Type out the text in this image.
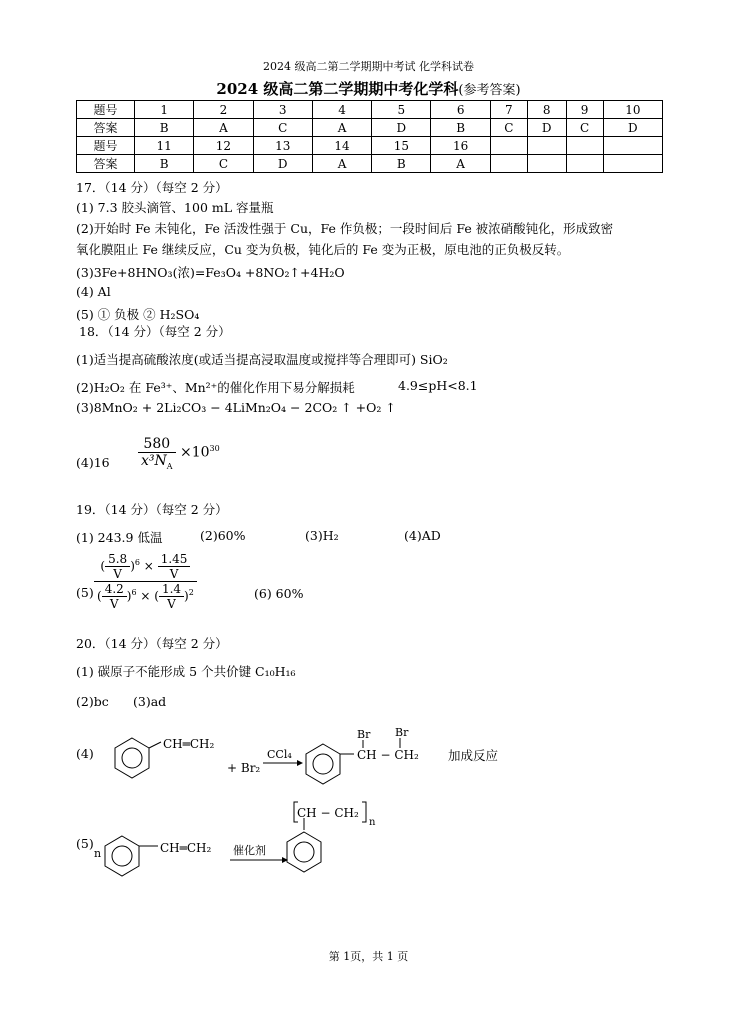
2024 级高二第二学期期中考试 化学科试卷
2024 级高二第二学期期中考化学科(参考答案)
题号	1	2	3	4	5	6	7	8	9	10
答案	B	A	C	A	D	B	C	D	C	D
题号	11	12	13	14	15	16				
答案	B	C	D	A	B	A				
17．（14 分）（每空 2 分）
(1) 7.3 胶头滴管、100 mL 容量瓶
(2)开始时 Fe 未钝化，Fe 活泼性强于 Cu，Fe 作负极；一段时间后 Fe 被浓硝酸钝化，形成致密
氧化膜阻止 Fe 继续反应，Cu 变为负极，钝化后的 Fe 变为正极，原电池的正负极反转。
(3)3Fe+8HNO₃(浓)=Fe₃O₄ +8NO₂↑+4H₂O
(4) Al
(5) ① 负极 ② H₂SO₄
18．（14 分）（每空 2 分）
(1)适当提高硫酸浓度(或适当提高浸取温度或搅拌等合理即可) SiO₂
(2)H₂O₂ 在 Fe³⁺、Mn²⁺的催化作用下易分解损耗	4.9≤pH<8.1
(3)8MnO₂ + 2Li₂CO₃ − 4LiMn₂O₄ − 2CO₂ ↑ +O₂ ↑
$(4)16 \frac{580}{x^3N_A} \times 10^{30}$
19．（14 分）（每空 2 分）
(1) 243.9 低温	(2)60%	(3)H₂	(4)AD
$(5) \frac{( \frac{5.8}{V} )^6 \times \frac{1.45}{V}}{( \frac{4.2}{V} )^6 \times ( \frac{1.4}{V} )^2}$	(6) 60%
20．（14 分）（每空 2 分）
(1) 碳原子不能形成 5 个共价键 C₁₀H₁₆
(2)bc (3)ad
(4)
CH═CH₂
+ Br₂
CCl₄
Br Br
CH − CH₂ 加成反应
(5)
n	CH═CH₂ 催化剂
CH − CH₂
n
第 1页，共 1 页
